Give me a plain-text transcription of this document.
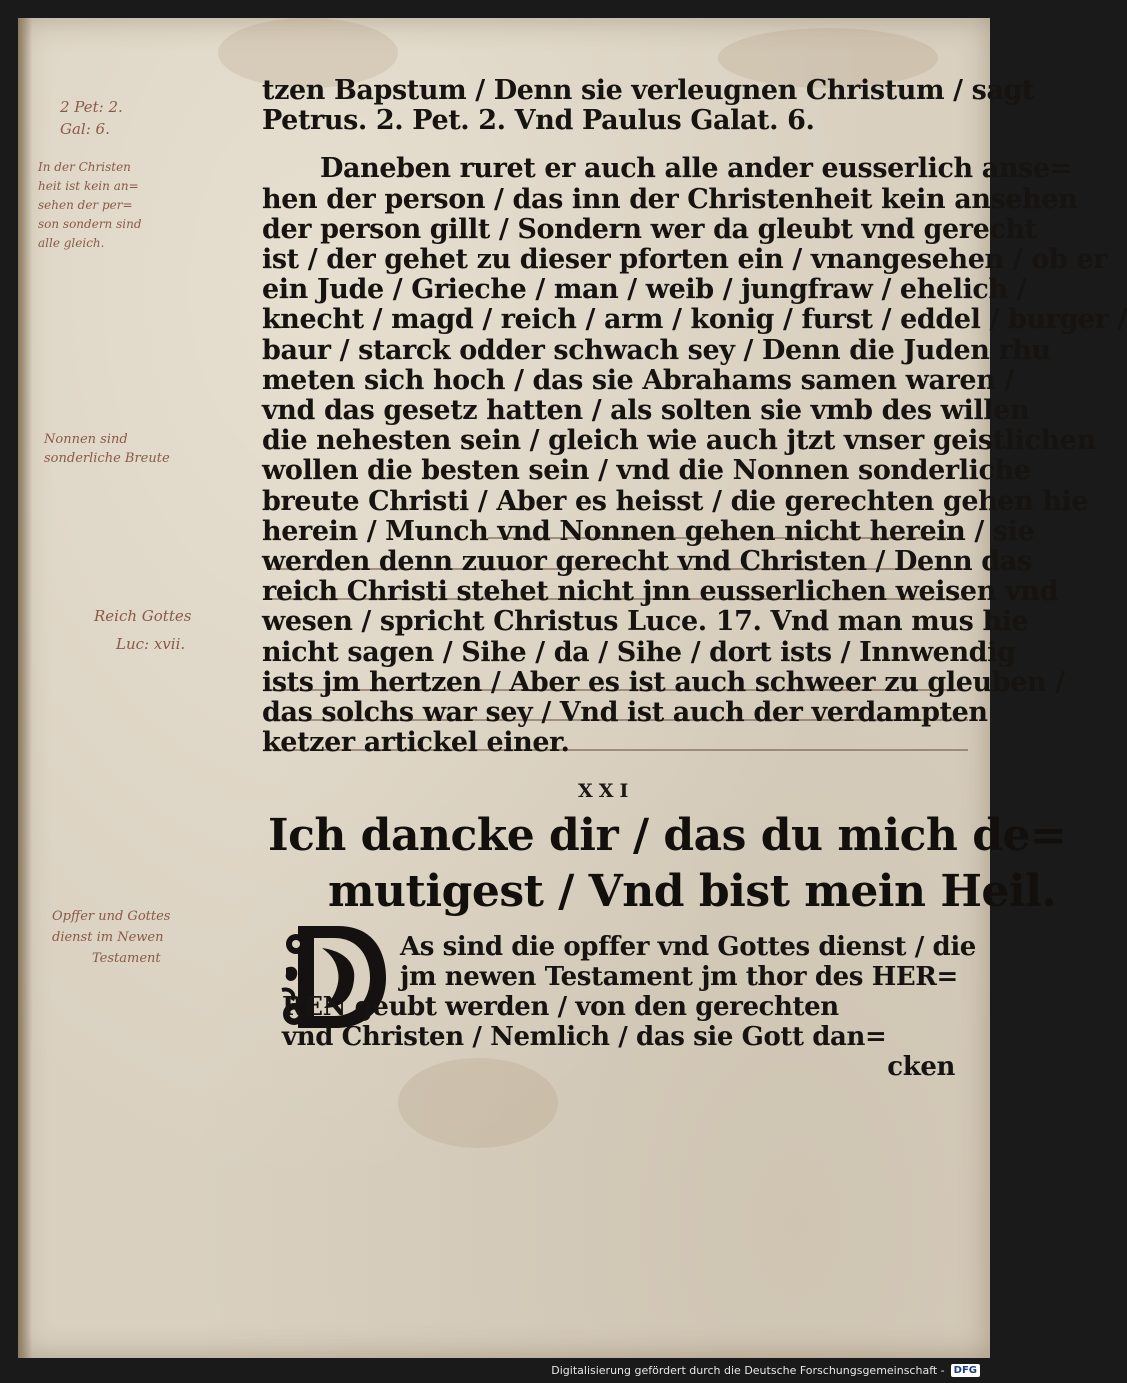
2 Pet: 2.
Gal: 6.
In der Christen
heit ist kein an=
sehen der per=
son sondern sind
alle gleich.
Nonnen sind
sonderliche Breute
Reich Gottes
Luc: xvii.
Opffer und Gottes
dienst im Newen
Testament

tzen Bapstum / Denn sie verleugnen Christum / sagt

Petrus. 2. Pet. 2. Vnd Paulus Galat. 6.

Daneben ruret er auch alle ander eusserlich anse=

hen der person / das inn der Christenheit kein ansehen

der person gillt / Sondern wer da gleubt vnd gerecht

ist / der gehet zu dieser pforten ein / vnangesehen / ob er

ein Jude / Grieche / man / weib / jungfraw / ehelich /

knecht / magd / reich / arm / konig / furst / eddel / burger /

baur / starck odder schwach sey / Denn die Juden rhu

meten sich hoch / das sie Abrahams samen waren /

vnd das gesetz hatten / als solten sie vmb des willen

die nehesten sein / gleich wie auch jtzt vnser geistlichen

wollen die besten sein / vnd die Nonnen sonderliche

breute Christi / Aber es heisst / die gerechten gehen hie

herein / Munch vnd Nonnen gehen nicht herein / sie

werden denn zuuor gerecht vnd Christen / Denn das

reich Christi stehet nicht jnn eusserlichen weisen vnd

wesen / spricht Christus Luce. 17. Vnd man mus hie

nicht sagen / Sihe / da / Sihe / dort ists / Innwendig

ists jm hertzen / Aber es ist auch schweer zu gleuben /

das solchs war sey / Vnd ist auch der verdampten

ketzer artickel einer.

XXI
Ich dancke dir / das du mich de=
mutigest / Vnd bist mein Heil.

As sind die opffer vnd Gottes dienst / die

jm newen Testament jm thor des HER=

REN geubt werden / von den gerechten

vnd Christen / Nemlich / das sie Gott dan=

cken

Digitalisierung gefördert durch die Deutsche Forschungsgemeinschaft - DFG
